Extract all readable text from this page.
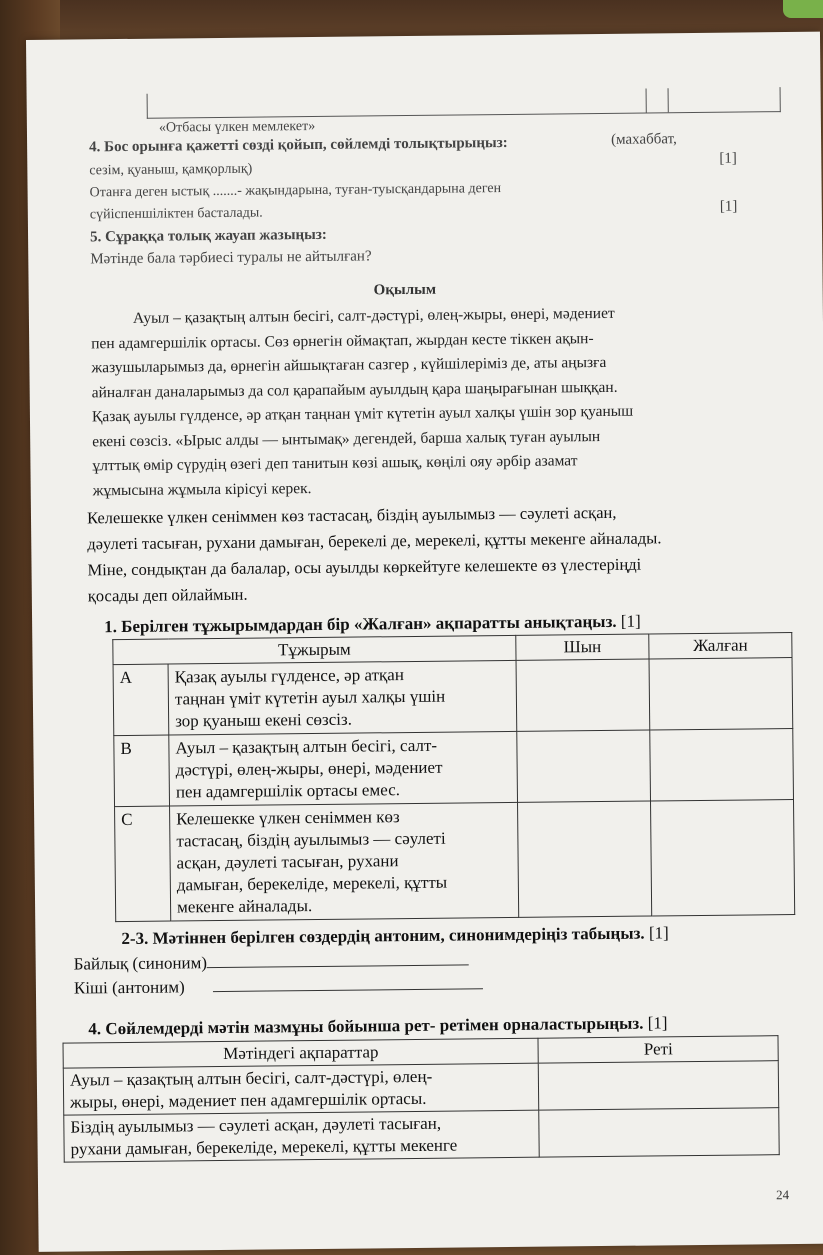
«Отбасы үлкен мемлекет»
4. Бос орынға қажетті сөзді қойып, сөйлемді толықтырыңыз:	(махаббат,
[1]
сезім, қуаныш, қамқорлық)
Отанға деген ыстық .......- жақындарына, туған-туысқандарына деген
сүйіспеншіліктен басталады.	[1]
5. Сұраққа толық жауап жазыңыз:
Мәтінде бала тәрбиесі туралы не айтылған?
Оқылым
Ауыл – қазақтың алтын бесігі, салт-дәстүрі, өлең-жыры, өнері, мәдениет
пен адамгершілік ортасы. Сөз өрнегін оймақтап, жырдан кесте тіккен ақын-
жазушыларымыз да, өрнегін айшықтаған сазгер , күйшілеріміз де, аты аңызға
айналған даналарымыз да сол қарапайым ауылдың қара шаңырағынан шыққан.
Қазақ ауылы гүлденсе, әр атқан таңнан үміт күтетін ауыл халқы үшін зор қуаныш
екені сөзсіз. «Ырыс алды — ынтымақ» дегендей, барша халық туған ауылын
ұлттық өмір сүрудің өзегі деп танитын көзі ашық, көңілі ояу әрбір азамат
жұмысына жұмыла кірісуі керек.
Келешекке үлкен сеніммен көз тастасаң, біздің ауылымыз — сәулеті асқан,
дәулеті тасыған, рухани дамыған, берекелі де, мерекелі, құтты мекенге айналады.
Міне, сондықтан да балалар, осы ауылды көркейтуге келешекте өз үлестеріңді
қосады деп ойлаймын.
1. Берілген тұжырымдардан бір «Жалған» ақпаратты анықтаңыз. [1]
Тұжырым		Шын	Жалған
A	Қазақ ауылы гүлденсе, әр атқан
таңнан үміт күтетін ауыл халқы үшін
зор қуаныш екені сөзсіз.		

B	Ауыл – қазақтың алтын бесігі, салт-
дәстүрі, өлең-жыры, өнері, мәдениет
пен адамгершілік ортасы емес.		

C	Келешекке үлкен сеніммен көз
тастасаң, біздің ауылымыз — сәулеті
асқан, дәулеті тасыған, рухани
дамыған, берекеліде, мерекелі, құтты
мекенге айналады.		

2-3. Мәтіннен берілген сөздердің антоним, синонимдеріңіз табыңыз. [1]
Байлық (синоним)
Кіші (антоним)
4. Сөйлемдерді мәтін мазмұны бойынша рет- ретімен орналастырыңыз. [1]
Мәтіндегі ақпараттар	Реті

Ауыл – қазақтың алтын бесігі, салт-дәстүрі, өлең-
жыры, өнері, мәдениет пен адамгершілік ортасы.	

Біздің ауылымыз — сәулеті асқан, дәулеті тасыған,
рухани дамыған, берекеліде, мерекелі, құтты мекенге	

24
